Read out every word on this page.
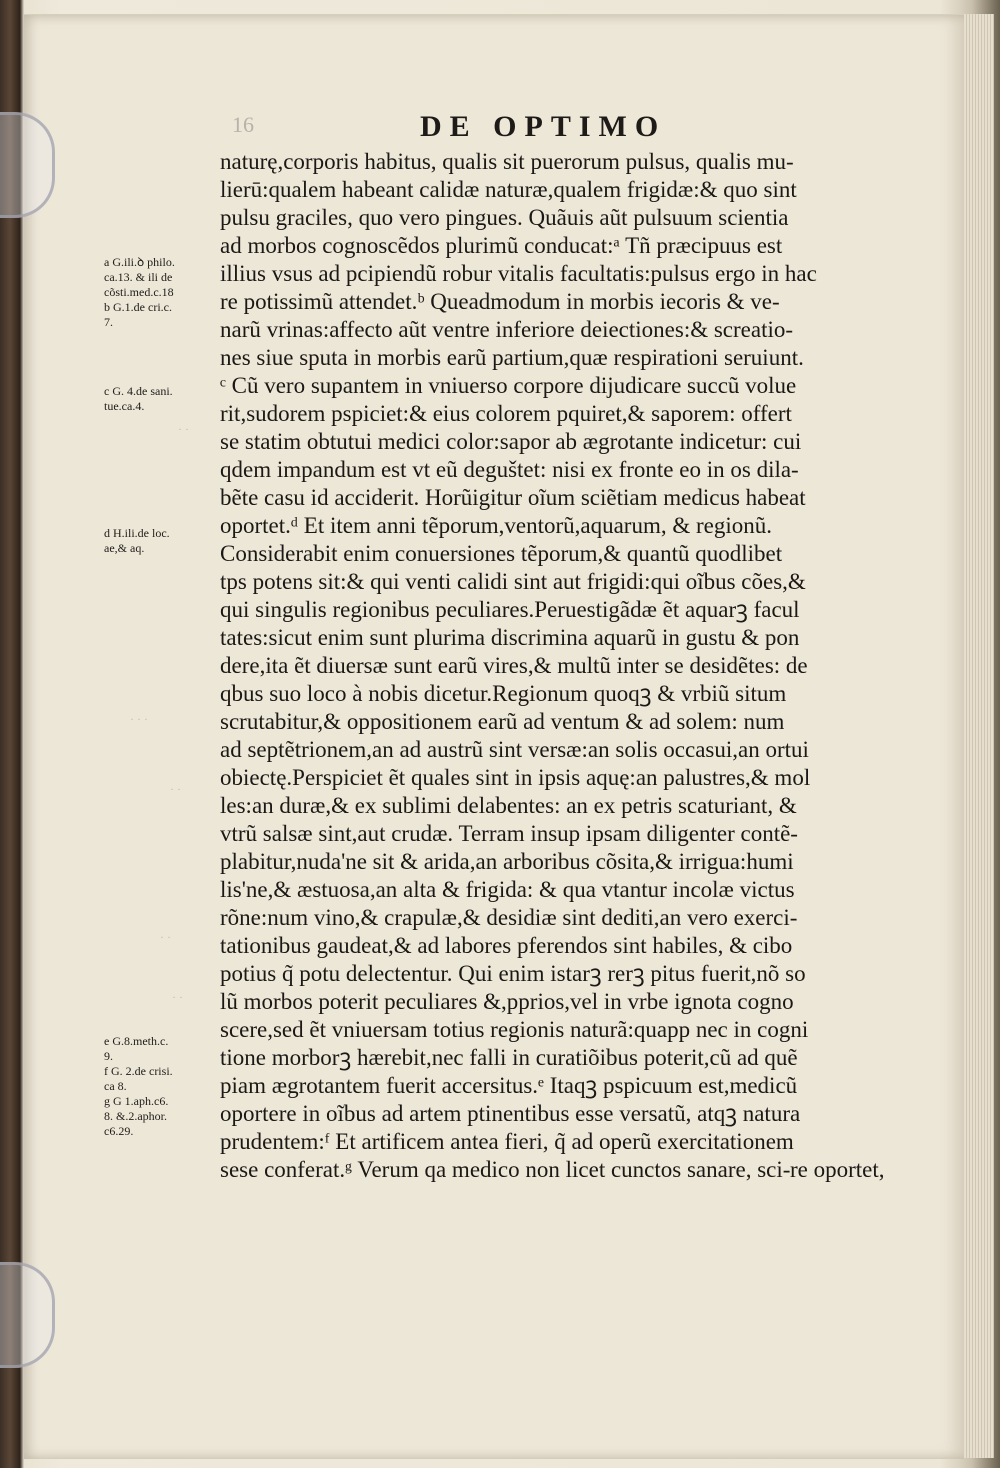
· ·
· · ·
· ·
· ·
· ·
16	DE OPTIMO
naturę,corporis habitus, qualis sit puerorum pulsus, qualis mu-
lierū:qualem habeant calidæ naturæ,qualem frigidæ:& quo sint
pulsu graciles, quo vero pingues. Quãuis aũt pulsuum scientia
ad morbos cognoscẽdos plurimũ conducat:ᵃ Tñ præcipuus est
illius vsus ad pcipiendũ robur vitalis facultatis:pulsus ergo in hac
re potissimũ attendet.ᵇ Queadmodum in morbis iecoris & ve-
narũ vrinas:affecto aũt ventre inferiore deiectiones:& screatio-
nes siue sputa in morbis earũ partium,quæ respirationi seruiunt.
ᶜ Cũ vero supantem in vniuerso corpore dijudicare succũ volue
rit,sudorem pspiciet:& eius colorem pquiret,& saporem: offert
se statim obtutui medici color:sapor ab ægrotante indicetur: cui
qdem impandum est vt eũ deguštet: nisi ex fronte eo in os dila-
bẽte casu id acciderit. Horũigitur oĩum sciẽtiam medicus habeat
oportet.ᵈ Et item anni tẽporum,ventorũ,aquarum, & regionũ.
Considerabit enim conuersiones tẽporum,& quantũ quodlibet
tps potens sit:& qui venti calidi sint aut frigidi:qui oĩbus cões,&
qui singulis regionibus peculiares.Peruestigãdæ ẽt aquarꝫ facul
tates:sicut enim sunt plurima discrimina aquarũ in gustu & pon
dere,ita ẽt diuersæ sunt earũ vires,& multũ inter se desidẽtes: de
qbus suo loco à nobis dicetur.Regionum quoqꝫ & vrbiũ situm
scrutabitur,& oppositionem earũ ad ventum & ad solem: num
ad septẽtrionem,an ad austrũ sint versæ:an solis occasui,an ortui
obiectę.Perspiciet ẽt quales sint in ipsis aquę:an palustres,& mol
les:an duræ,& ex sublimi delabentes: an ex petris scaturiant, &
vtrũ salsæ sint,aut crudæ. Terram insup ipsam diligenter contẽ-
plabitur,nuda'ne sit & arida,an arboribus cõsita,& irrigua:humi
lis'ne,& æstuosa,an alta & frigida: & qua vtantur incolæ victus
rõne:num vino,& crapulæ,& desidiæ sint dediti,an vero exerci-
tationibus gaudeat,& ad labores pferendos sint habiles, & cibo
potius q̃ potu delectentur. Qui enim istarꝫ rerꝫ pitus fuerit,nõ so
lũ morbos poterit peculiares &,pprios,vel in vrbe ignota cogno
scere,sed ẽt vniuersam totius regionis naturã:quapp nec in cogni
tione morborꝫ hærebit,nec falli in curatiõibus poterit,cũ ad quẽ
piam ægrotantem fuerit accersitus.ᵉ Itaqꝫ pspicuum est,medicũ
oportere in oĩbus ad artem ptinentibus esse versatũ, atqꝫ natura
prudentem:ᶠ Et artificem antea fieri, q̃ ad operũ exercitationem
sese conferat.ᵍ Verum qa medico non licet cunctos sanare, sci- re oportet,
a G.ili.ꝺ philo.
ca.13. & ili de
cõsti.med.c.18
b G.1.de cri.c.
7.
c G. 4.de sani.
tue.ca.4.
d H.ili.de loc.
ae,& aq.
e G.8.meth.c.
9.
f G. 2.de crisi.
ca 8.
g G 1.aph.c6.
8. &.2.aphor.
c6.29.
